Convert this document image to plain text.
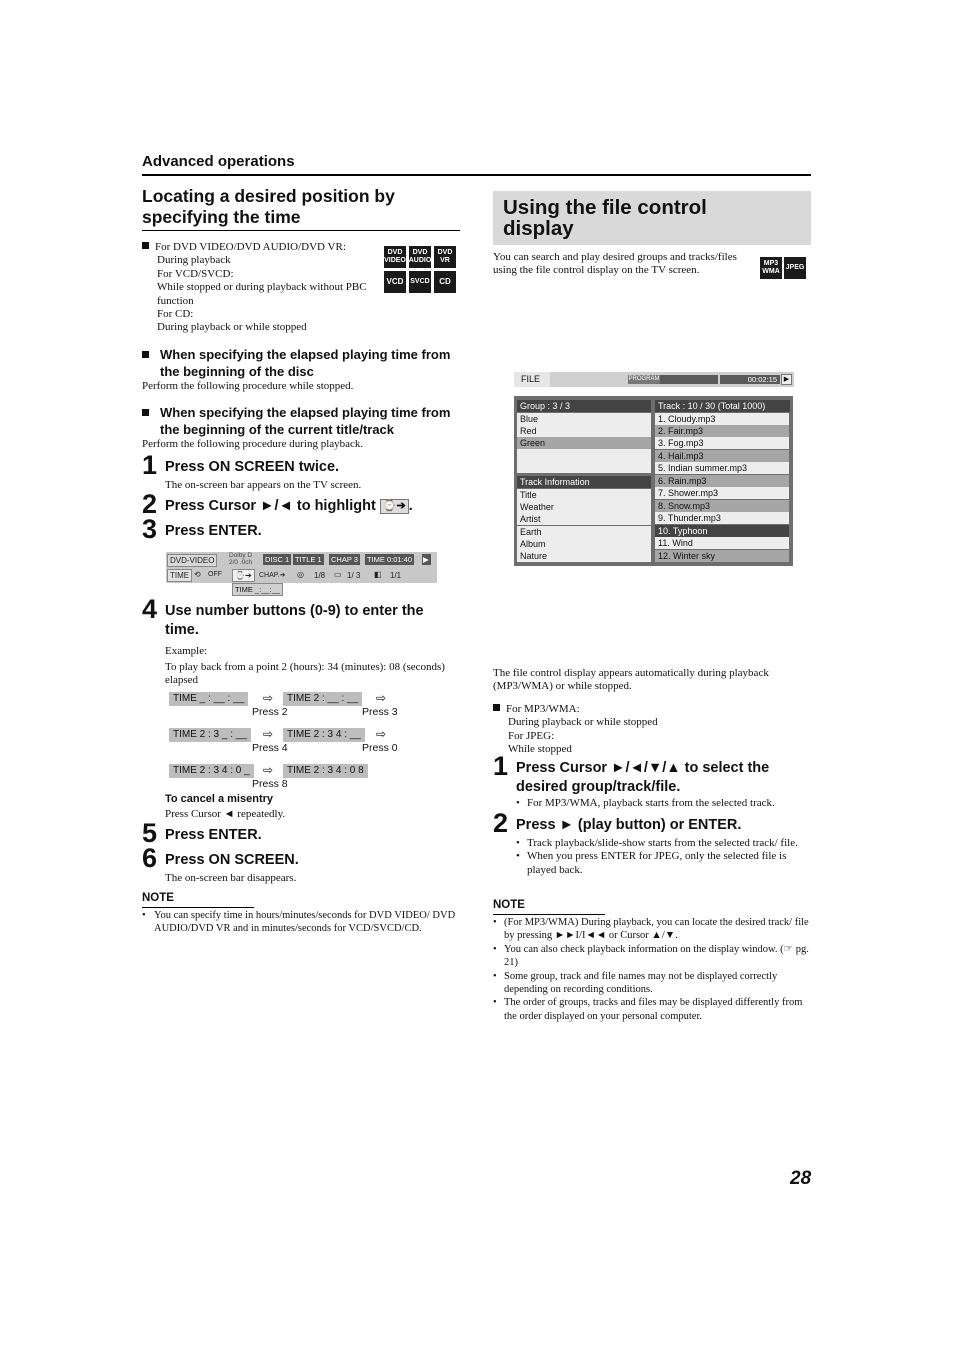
Advanced operations
Locating a desired position by specifying the time
For DVD VIDEO/DVD AUDIO/DVD VR:
During playback
For VCD/SVCD:
While stopped or during playback without PBC
function
For CD:
During playback or while stopped
DVD VIDEO
DVD AUDIO
DVD VR
VCD SVCD	CD
When specifying the elapsed playing time from the beginning of the disc
Perform the following procedure while stopped.
When specifying the elapsed playing time from the beginning of the current title/track
Perform the following procedure during playback.
1 Press ON SCREEN twice.
The on-screen bar appears on the TV screen.
2 Press Cursor ►/◄ to highlight ⌚➔ .
3 Press ENTER.
DVD-VIDEO
Dolby D
2/0 .0ch DISC 1 TITLE 1 CHAP 3 TIME 0:01:40 ▶
TIME ⟲ OFF	⌚➔	CHAP.➔ ◎ 1/8 ▭ 1/ 3 ◧ 1/1
TIME _:__:__
4 Use number buttons (0-9) to enter the time.
Example:
To play back from a point 2 (hours): 34 (minutes): 08 (seconds) elapsed
TIME _ : __ : __	⇨	TIME 2 : __ : __	⇨
Press 2	Press 3
TIME 2 : 3 _ : __	⇨	TIME 2 : 3 4 : __	⇨
Press 4	Press 0
TIME 2 : 3 4 : 0 _	⇨	TIME 2 : 3 4 : 0 8
Press 8
To cancel a misentry
Press Cursor ◄ repeatedly.
5 Press ENTER.
6 Press ON SCREEN.
The on-screen bar disappears.
NOTE
• You can specify time in hours/minutes/seconds for DVD VIDEO/ DVD AUDIO/DVD VR and in minutes/seconds for VCD/SVCD/CD.
Using the file control
display
You can search and play desired groups and tracks/files using the file control display on the TV screen.
MP3 WMA
JPEG
FILE	PROGRAM	00:02:15 ▶
Group : 3 / 3
Blue
Red
Green
Track Information
Title
Weather
Artist
Earth
Album
Nature
Track : 10 / 30 (Total 1000)
1. Cloudy.mp3
2. Fair.mp3
3. Fog.mp3
4. Hail.mp3
5. Indian summer.mp3
6. Rain.mp3
7. Shower.mp3
8. Snow.mp3
9. Thunder.mp3
10. Typhoon
11. Wind
12. Winter sky
The file control display appears automatically during playback (MP3/WMA) or while stopped.
For MP3/WMA:
During playback or while stopped
For JPEG:
While stopped
1 Press Cursor ►/◄/▼/▲ to select the
desired group/track/file.
• For MP3/WMA, playback starts from the selected track.
2 Press ► (play button) or ENTER.
• Track playback/slide-show starts from the selected track/ file.
• When you press ENTER for JPEG, only the selected file is played back.
NOTE
• (For MP3/WMA) During playback, you can locate the desired track/ file by pressing ►►I/I◄◄ or Cursor ▲/▼.
• You can also check playback information on the display window. (☞ pg. 21)
• Some group, track and file names may not be displayed correctly depending on recording conditions.
• The order of groups, tracks and files may be displayed differently from the order displayed on your personal computer.
28
